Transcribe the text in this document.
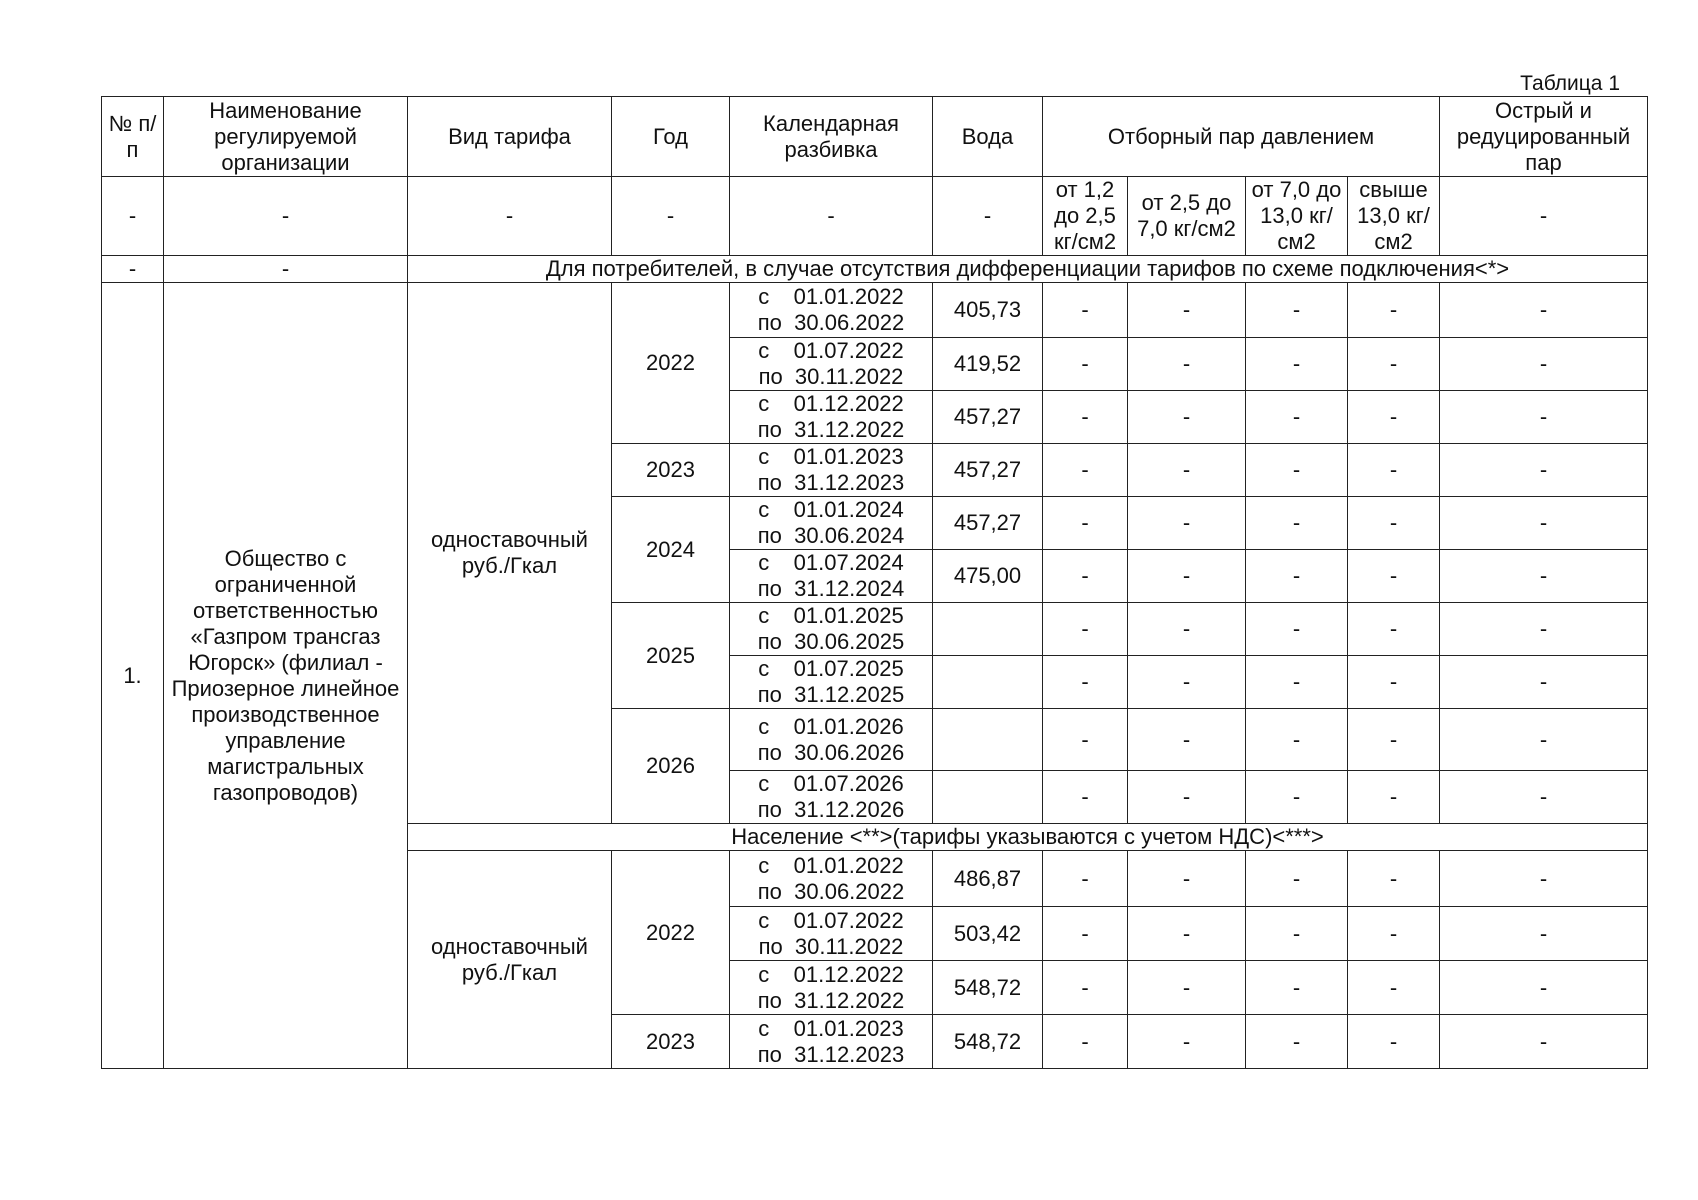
Таблица 1
№ п/п	Наименование регулируемой организации	Вид тарифа	Год	Календарная разбивка	Вода	Отборный пар давлением				Острый и редуцированный пар
-	-	-	-	-	-	от 1,2 до 2,5 кг/см2	от 2,5 до 7,0 кг/см2	от 7,0 до 13,0 кг/см2	свыше 13,0 кг/см2	-
-	-	Для потребителей, в случае отсутствия дифференциации тарифов по схеме подключения<*>								
1.	Общество с ограниченной ответственностью «Газпром трансгаз Югорск» (филиал - Приозерное линейное производственное управление магистральных газопроводов)	одноставочный руб./Гкал	2022	с    01.01.2022
по  30.06.2022	405,73	-	-	-	-	-

				с    01.07.2022
по  30.11.2022	419,52	-	-	-	-	-

				с    01.12.2022
по  31.12.2022	457,27	-	-	-	-	-
			2023	с    01.01.2023
по  31.12.2023	457,27	-	-	-	-	-
			2024	с    01.01.2024
по  30.06.2024	457,27	-	-	-	-	-

				с    01.07.2024
по  31.12.2024	475,00	-	-	-	-	-
			2025	с    01.01.2025
по  30.06.2025		-	-	-	-	-

				с    01.07.2025
по  31.12.2025		-	-	-	-	-
			2026	с    01.01.2026
по  30.06.2026		-	-	-	-	-

				с    01.07.2026
по  31.12.2026		-	-	-	-	-
		Население <**>(тарифы указываются с учетом НДС)<***>								
		одноставочный руб./Гкал	2022	с    01.01.2022
по  30.06.2022	486,87	-	-	-	-	-

				с    01.07.2022
по  30.11.2022	503,42	-	-	-	-	-

				с    01.12.2022
по  31.12.2022	548,72	-	-	-	-	-
			2023	с    01.01.2023
по  31.12.2023	548,72	-	-	-	-	-
